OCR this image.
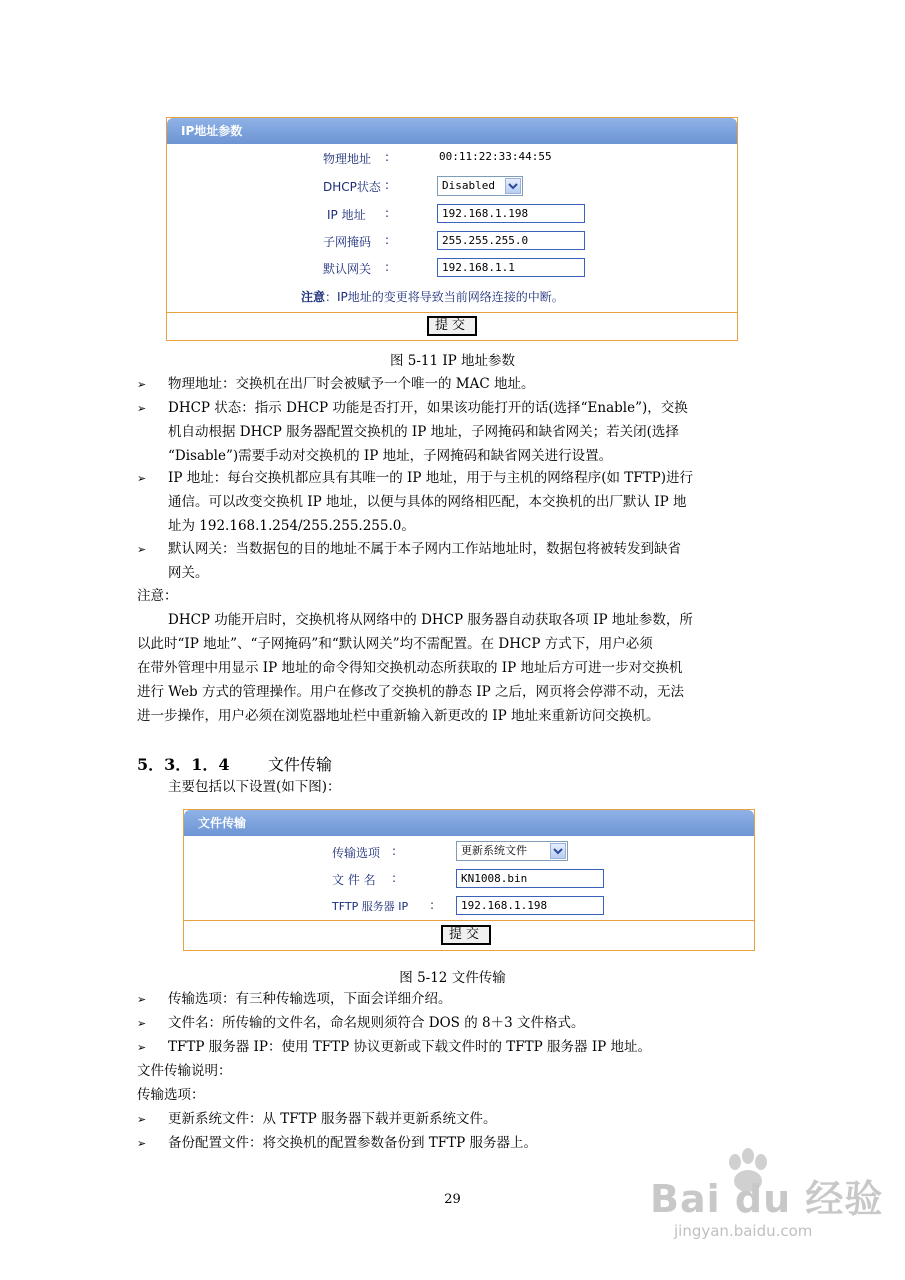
IP地址参数
物理地址 :	00:11:22:33:44:55
DHCP状态 :	Disabled
IP 地址 :	192.168.1.198
子网掩码 :	255.255.255.0
默认网关 :	192.168.1.1
注意：IP地址的变更将导致当前网络连接的中断。
提交
图 5-11 IP 地址参数
➢ 物理地址：交换机在出厂时会被赋予一个唯一的 MAC 地址。
➢ DHCP 状态：指示 DHCP 功能是否打开，如果该功能打开的话(选择“Enable”)，交换
机自动根据 DHCP 服务器配置交换机的 IP 地址，子网掩码和缺省网关；若关闭(选择
“Disable”)需要手动对交换机的 IP 地址，子网掩码和缺省网关进行设置。
➢ IP 地址：每台交换机都应具有其唯一的 IP 地址，用于与主机的网络程序(如 TFTP)进行
通信。可以改变交换机 IP 地址，以便与具体的网络相匹配，本交换机的出厂默认 IP 地
址为 192.168.1.254/255.255.255.0。
➢ 默认网关：当数据包的目的地址不属于本子网内工作站地址时，数据包将被转发到缺省
网关。
注意：
DHCP 功能开启时，交换机将从网络中的 DHCP 服务器自动获取各项 IP 地址参数，所
以此时“IP 地址”、“子网掩码”和“默认网关”均不需配置。在 DHCP 方式下，用户必须
在带外管理中用显示 IP 地址的命令得知交换机动态所获取的 IP 地址后方可进一步对交换机
进行 Web 方式的管理操作。用户在修改了交换机的静态 IP 之后，网页将会停滞不动，无法
进一步操作，用户必须在浏览器地址栏中重新输入新更改的 IP 地址来重新访问交换机。
5．3．1．4 文件传输
主要包括以下设置(如下图)：
文件传输
传输选项 :	更新系统文件
文 件 名 :	KN1008.bin
TFTP 服务器 IP :	192.168.1.198
提交
图 5-12 文件传输
➢ 传输选项：有三种传输选项，下面会详细介绍。
➢ 文件名：所传输的文件名，命名规则须符合 DOS 的 8＋3 文件格式。
➢ TFTP 服务器 IP：使用 TFTP 协议更新或下载文件时的 TFTP 服务器 IP 地址。
文件传输说明：
传输选项：
➢ 更新系统文件：从 TFTP 服务器下载并更新系统文件。
➢ 备份配置文件：将交换机的配置参数备份到 TFTP 服务器上。
29	Bai du 经验
jingyan.baidu.com
